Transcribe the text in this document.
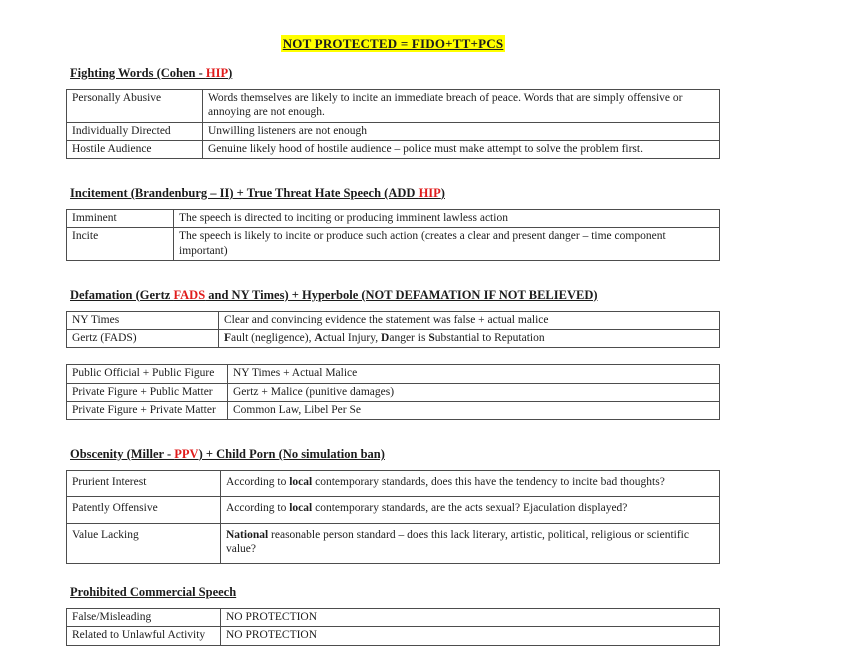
NOT PROTECTED = FIDO+TT+PCS
Fighting Words (Cohen - HIP)
Personally Abusive	Words themselves are likely to incite an immediate breach of peace. Words that are simply offensive or annoying are not enough.
Individually Directed	Unwilling listeners are not enough
Hostile Audience	Genuine likely hood of hostile audience – police must make attempt to solve the problem first.
Incitement (Brandenburg – II) + True Threat Hate Speech (ADD HIP)
Imminent	The speech is directed to inciting or producing imminent lawless action
Incite	The speech is likely to incite or produce such action (creates a clear and present danger – time component important)
Defamation (Gertz FADS and NY Times) + Hyperbole (NOT DEFAMATION IF NOT BELIEVED)
NY Times	Clear and convincing evidence the statement was false + actual malice
Gertz (FADS)	Fault (negligence), Actual Injury, Danger is Substantial to Reputation
Public Official + Public Figure	NY Times + Actual Malice
Private Figure + Public Matter	Gertz + Malice (punitive damages)
Private Figure + Private Matter	Common Law, Libel Per Se
Obscenity (Miller - PPV) + Child Porn (No simulation ban)
Prurient Interest	According to local contemporary standards, does this have the tendency to incite bad thoughts?
Patently Offensive	According to local contemporary standards, are the acts sexual? Ejaculation displayed?
Value Lacking	National reasonable person standard – does this lack literary, artistic, political, religious or scientific value?
Prohibited Commercial Speech
False/Misleading	NO PROTECTION
Related to Unlawful Activity	NO PROTECTION
